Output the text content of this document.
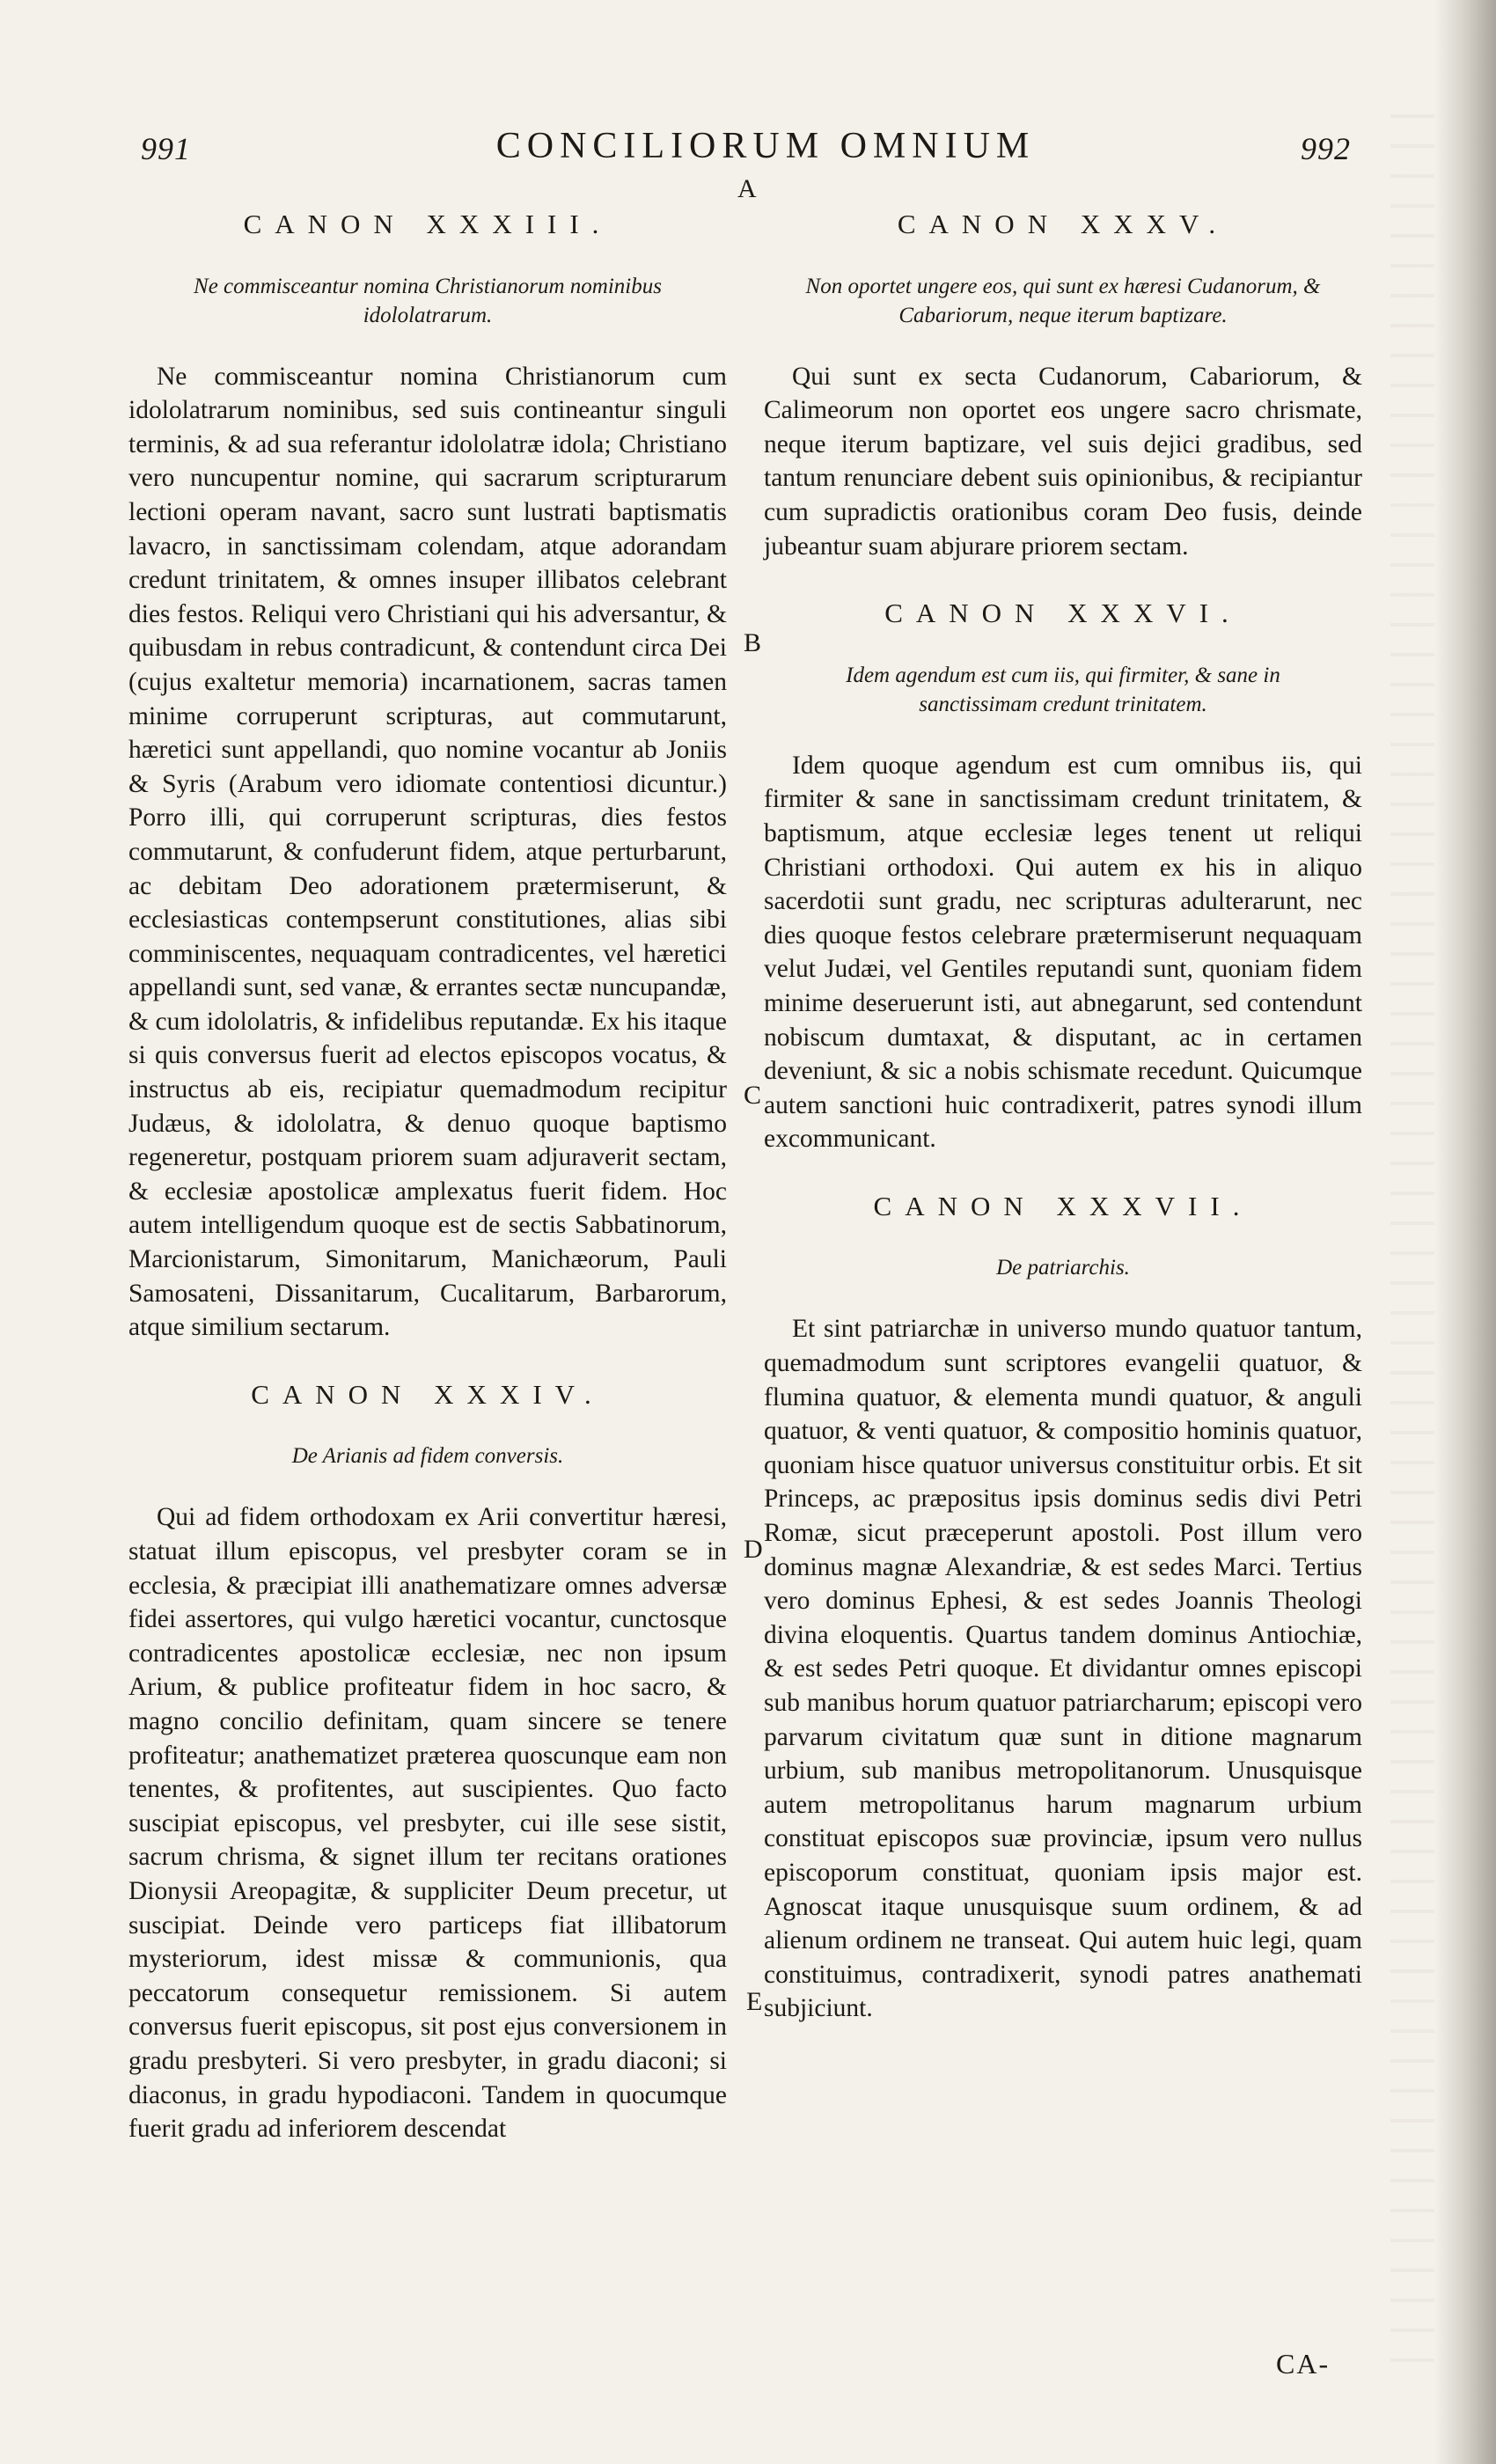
991	CONCILIORUM OMNIUM	992
A
B
C
D
E
CANON XXXIII.
Ne commisceantur nomina Christianorum nominibus idololatrarum.

Ne commisceantur nomina Christianorum cum idololatrarum nominibus, sed suis contineantur singuli terminis, & ad sua referantur idololatræ idola; Christiano vero nuncupentur nomine, qui sacrarum scripturarum lectioni operam navant, sacro sunt lustrati baptismatis lavacro, in sanctissimam colendam, atque adorandam credunt trinitatem, & omnes insuper illibatos celebrant dies festos. Reliqui vero Christiani qui his adversantur, & quibusdam in rebus contradicunt, & contendunt circa Dei (cujus exaltetur memoria) incarnationem, sacras tamen minime corruperunt scripturas, aut commutarunt, hæretici sunt appellandi, quo nomine vocantur ab Joniis & Syris (Arabum vero idiomate contentiosi dicuntur.) Porro illi, qui corruperunt scripturas, dies festos commutarunt, & confuderunt fidem, atque perturbarunt, ac debitam Deo adorationem prætermiserunt, & ecclesiasticas contempserunt constitutiones, alias sibi comminiscentes, nequaquam contradicentes, vel hæretici appellandi sunt, sed vanæ, & errantes sectæ nuncupandæ, & cum idololatris, & infidelibus reputandæ. Ex his itaque si quis conversus fuerit ad electos episcopos vocatus, & instructus ab eis, recipiatur quemadmodum recipitur Judæus, & idololatra, & denuo quoque baptismo regeneretur, postquam priorem suam adjuraverit sectam, & ecclesiæ apostolicæ amplexatus fuerit fidem. Hoc autem intelligendum quoque est de sectis Sabbatinorum, Marcionistarum, Simonitarum, Manichæorum, Pauli Samosateni, Dissanitarum, Cucalitarum, Barbarorum, atque similium sectarum.

CANON XXXIV.
De Arianis ad fidem conversis.

Qui ad fidem orthodoxam ex Arii convertitur hæresi, statuat illum episcopus, vel presbyter coram se in ecclesia, & præcipiat illi anathematizare omnes adversæ fidei assertores, qui vulgo hæretici vocantur, cunctosque contradicentes apostolicæ ecclesiæ, nec non ipsum Arium, & publice profiteatur fidem in hoc sacro, & magno concilio definitam, quam sincere se tenere profiteatur; anathematizet præterea quoscunque eam non tenentes, & profitentes, aut suscipientes. Quo facto suscipiat episcopus, vel presbyter, cui ille sese sistit, sacrum chrisma, & signet illum ter recitans orationes Dionysii Areopagitæ, & suppliciter Deum precetur, ut suscipiat. Deinde vero particeps fiat illibatorum mysteriorum, idest missæ & communionis, qua peccatorum consequetur remissionem. Si autem conversus fuerit episcopus, sit post ejus conversionem in gradu presbyteri. Si vero presbyter, in gradu diaconi; si diaconus, in gradu hypodiaconi. Tandem in quocumque fuerit gradu ad inferiorem descendat

CANON XXXV.
Non oportet ungere eos, qui sunt ex hæresi Cudanorum, & Cabariorum, neque iterum baptizare.

Qui sunt ex secta Cudanorum, Cabariorum, & Calimeorum non oportet eos ungere sacro chrismate, neque iterum baptizare, vel suis dejici gradibus, sed tantum renunciare debent suis opinionibus, & recipiantur cum supradictis orationibus coram Deo fusis, deinde jubeantur suam abjurare priorem sectam.

CANON XXXVI.
Idem agendum est cum iis, qui firmiter, & sane in sanctissimam credunt trinitatem.

Idem quoque agendum est cum omnibus iis, qui firmiter & sane in sanctissimam credunt trinitatem, & baptismum, atque ecclesiæ leges tenent ut reliqui Christiani orthodoxi. Qui autem ex his in aliquo sacerdotii sunt gradu, nec scripturas adulterarunt, nec dies quoque festos celebrare prætermiserunt nequaquam velut Judæi, vel Gentiles reputandi sunt, quoniam fidem minime deseruerunt isti, aut abnegarunt, sed contendunt nobiscum dumtaxat, & disputant, ac in certamen deveniunt, & sic a nobis schismate recedunt. Quicumque autem sanctioni huic contradixerit, patres synodi illum excommunicant.

CANON XXXVII.
De patriarchis.

Et sint patriarchæ in universo mundo quatuor tantum, quemadmodum sunt scriptores evangelii quatuor, & flumina quatuor, & elementa mundi quatuor, & anguli quatuor, & venti quatuor, & compositio hominis quatuor, quoniam hisce quatuor universus constituitur orbis. Et sit Princeps, ac præpositus ipsis dominus sedis divi Petri Romæ, sicut præceperunt apostoli. Post illum vero dominus magnæ Alexandriæ, & est sedes Marci. Tertius vero dominus Ephesi, & est sedes Joannis Theologi divina eloquentis. Quartus tandem dominus Antiochiæ, & est sedes Petri quoque. Et dividantur omnes episcopi sub manibus horum quatuor patriarcharum; episcopi vero parvarum civitatum quæ sunt in ditione magnarum urbium, sub manibus metropolitanorum. Unusquisque autem metropolitanus harum magnarum urbium constituat episcopos suæ provinciæ, ipsum vero nullus episcoporum constituat, quoniam ipsis major est. Agnoscat itaque unusquisque suum ordinem, & ad alienum ordinem ne transeat. Qui autem huic legi, quam constituimus, contradixerit, synodi patres anathemati subjiciunt.

CA-
